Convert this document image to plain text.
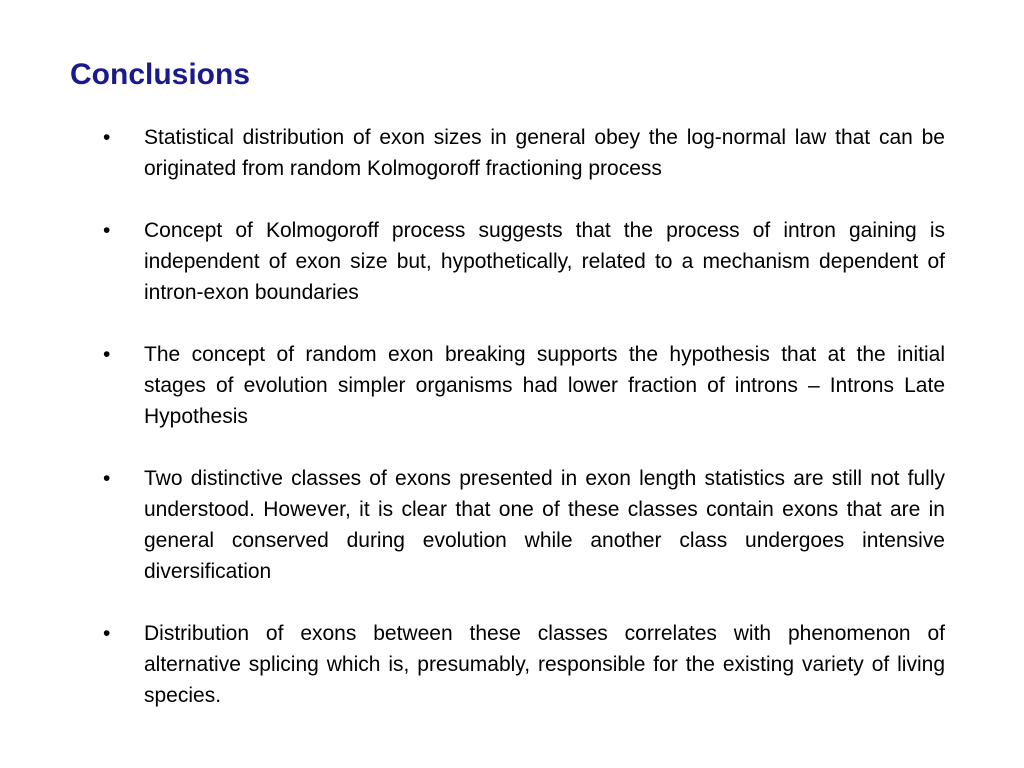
Conclusions
• Statistical distribution of exon sizes in general obey the log-normal law that can be originated from random Kolmogoroff fractioning process
• Concept of Kolmogoroff process suggests that the process of intron gaining is independent of exon size but, hypothetically, related to a mechanism dependent of intron-exon boundaries
• The concept of random exon breaking supports the hypothesis that at the initial stages of evolution simpler organisms had lower fraction of introns – Introns Late Hypothesis
• Two distinctive classes of exons presented in exon length statistics are still not fully understood. However, it is clear that one of these classes contain exons that are in general conserved during evolution while another class undergoes intensive diversification
• Distribution of exons between these classes correlates with phenomenon of alternative splicing which is, presumably, responsible for the existing variety of living species.
